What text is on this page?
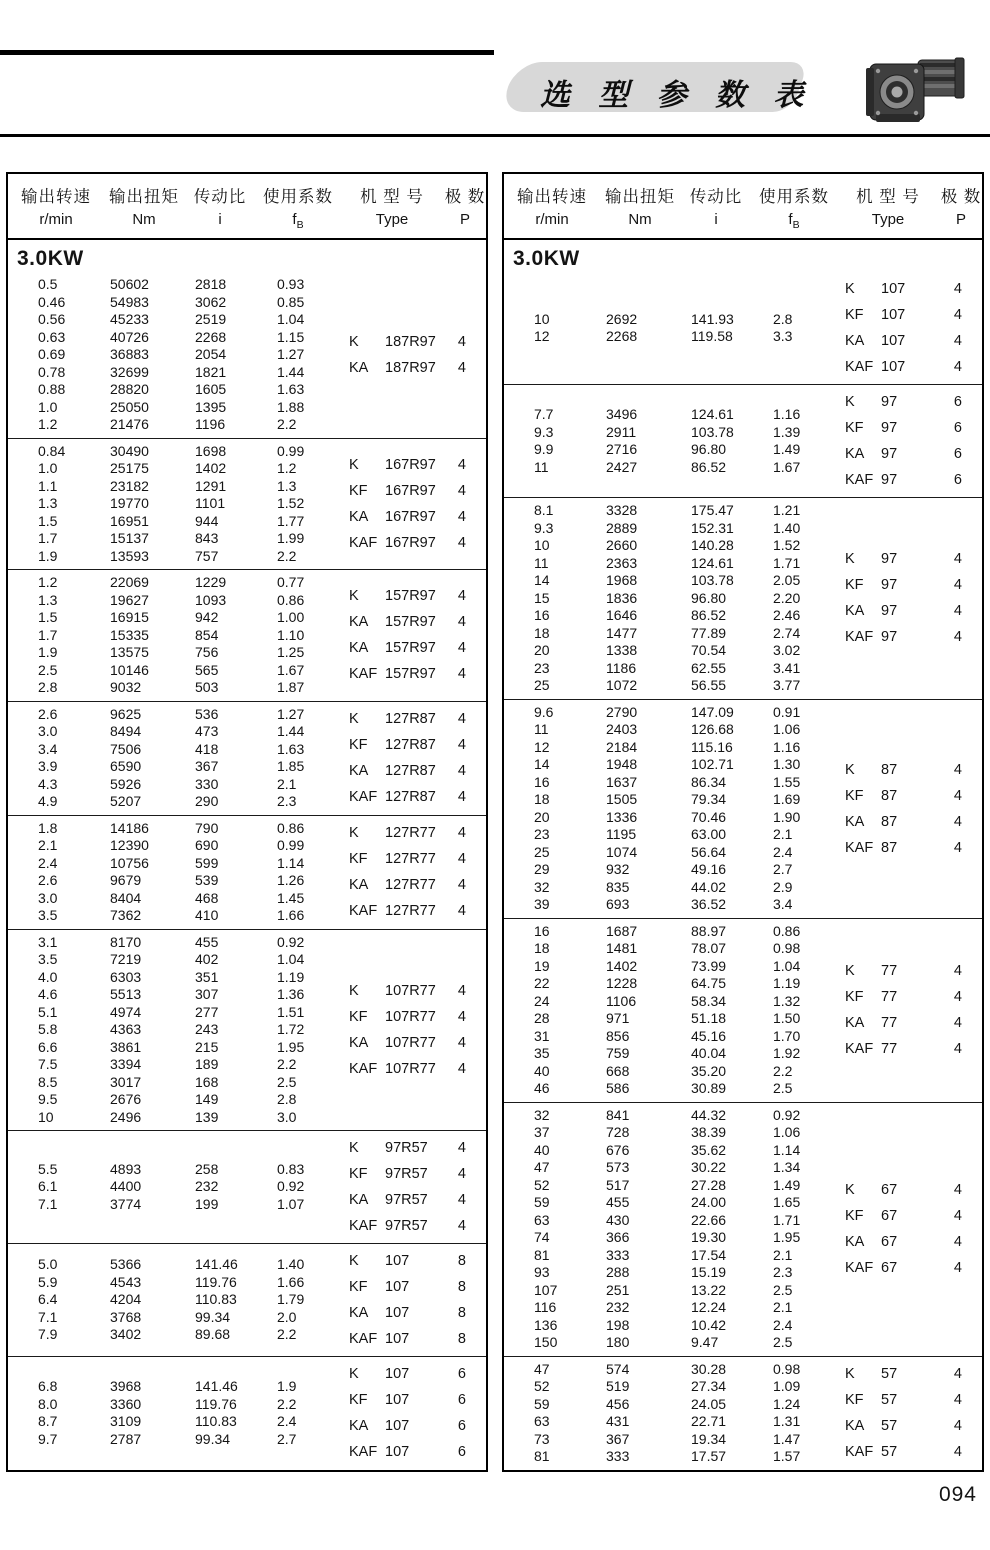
选 型 参 数 表
输出转速
r/min
输出扭矩
Nm
传动比
i
使用系数
$f_B$
机 型 号
Type
极 数
P
3.0KW
0.5	50602	2818	0.93
0.46	54983	3062	0.85
0.56	45233	2519	1.04
0.63	40726	2268	1.15
0.69	36883	2054	1.27
0.78	32699	1821	1.44
0.88	28820	1605	1.63
1.0	25050	1395	1.88
1.2	21476	1196	2.2
K	187R97 4
KA	187R97 4
0.84	30490	1698	0.99
1.0	25175	1402	1.2
1.1	23182	1291	1.3
1.3	19770	1101	1.52
1.5	16951	944	1.77
1.7	15137	843	1.99
1.9	13593	757	2.2
K	167R97 4
KF	167R97 4
KA	167R97 4
KAF 167R97 4
1.2	22069	1229	0.77
1.3	19627	1093	0.86
1.5	16915	942	1.00
1.7	15335	854	1.10
1.9	13575	756	1.25
2.5	10146	565	1.67
2.8	9032	503	1.87
K	157R97 4
KA	157R97 4
KA	157R97 4
KAF 157R97 4
2.6	9625	536	1.27
3.0	8494	473	1.44
3.4	7506	418	1.63
3.9	6590	367	1.85
4.3	5926	330	2.1
4.9	5207	290	2.3
K	127R87 4
KF	127R87 4
KA	127R87 4
KAF 127R87 4
1.8	14186	790	0.86
2.1	12390	690	0.99
2.4	10756	599	1.14
2.6	9679	539	1.26
3.0	8404	468	1.45
3.5	7362	410	1.66
K	127R77 4
KF	127R77 4
KA	127R77 4
KAF 127R77 4
3.1	8170	455	0.92
3.5	7219	402	1.04
4.0	6303	351	1.19
4.6	5513	307	1.36
5.1	4974	277	1.51
5.8	4363	243	1.72
6.6	3861	215	1.95
7.5	3394	189	2.2
8.5	3017	168	2.5
9.5	2676	149	2.8
10	2496	139	3.0
K	107R77 4
KF	107R77 4
KA	107R77 4
KAF 107R77 4
5.5	4893	258	0.83
6.1	4400	232	0.92
7.1	3774	199	1.07
K	97R57 4
KF	97R57 4
KA	97R57 4
KAF 97R57 4
5.0	5366	141.46	1.40
5.9	4543	119.76	1.66
6.4	4204	110.83	1.79
7.1	3768	99.34	2.0
7.9	3402	89.68	2.2
K	107	8
KF	107	8
KA	107	8
KAF 107	8
6.8	3968	141.46	1.9
8.0	3360	119.76	2.2
8.7	3109	110.83	2.4
9.7	2787	99.34	2.7
K	107	6
KF	107	6
KA	107	6
KAF 107	6
输出转速
r/min
输出扭矩
Nm
传动比
i
使用系数
$f_B$
机 型 号
Type
极 数
P
3.0KW
10	2692	141.93	2.8
12	2268	119.58	3.3
K	107	4
KF	107	4
KA	107	4
KAF 107	4
7.7	3496	124.61	1.16
9.3	2911	103.78	1.39
9.9	2716	96.80	1.49
11	2427	86.52	1.67
K	97	6
KF	97	6
KA	97	6
KAF 97	6
8.1	3328	175.47	1.21
9.3	2889	152.31	1.40
10	2660	140.28	1.52
11	2363	124.61	1.71
14	1968	103.78	2.05
15	1836	96.80	2.20
16	1646	86.52	2.46
18	1477	77.89	2.74
20	1338	70.54	3.02
23	1186	62.55	3.41
25	1072	56.55	3.77
K	97	4
KF	97	4
KA	97	4
KAF 97	4
9.6	2790	147.09	0.91
11	2403	126.68	1.06
12	2184	115.16	1.16
14	1948	102.71	1.30
16	1637	86.34	1.55
18	1505	79.34	1.69
20	1336	70.46	1.90
23	1195	63.00	2.1
25	1074	56.64	2.4
29	932	49.16	2.7
32	835	44.02	2.9
39	693	36.52	3.4
K	87	4
KF	87	4
KA	87	4
KAF 87	4
16	1687	88.97	0.86
18	1481	78.07	0.98
19	1402	73.99	1.04
22	1228	64.75	1.19
24	1106	58.34	1.32
28	971	51.18	1.50
31	856	45.16	1.70
35	759	40.04	1.92
40	668	35.20	2.2
46	586	30.89	2.5
K	77	4
KF	77	4
KA	77	4
KAF 77	4
32	841	44.32	0.92
37	728	38.39	1.06
40	676	35.62	1.14
47	573	30.22	1.34
52	517	27.28	1.49
59	455	24.00	1.65
63	430	22.66	1.71
74	366	19.30	1.95
81	333	17.54	2.1
93	288	15.19	2.3
107	251	13.22	2.5
116	232	12.24	2.1
136	198	10.42	2.4
150	180	9.47	2.5
K	67	4
KF	67	4
KA	67	4
KAF 67	4
47	574	30.28	0.98
52	519	27.34	1.09
59	456	24.05	1.24
63	431	22.71	1.31
73	367	19.34	1.47
81	333	17.57	1.57
K	57	4
KF	57	4
KA	57	4
KAF 57	4
094
